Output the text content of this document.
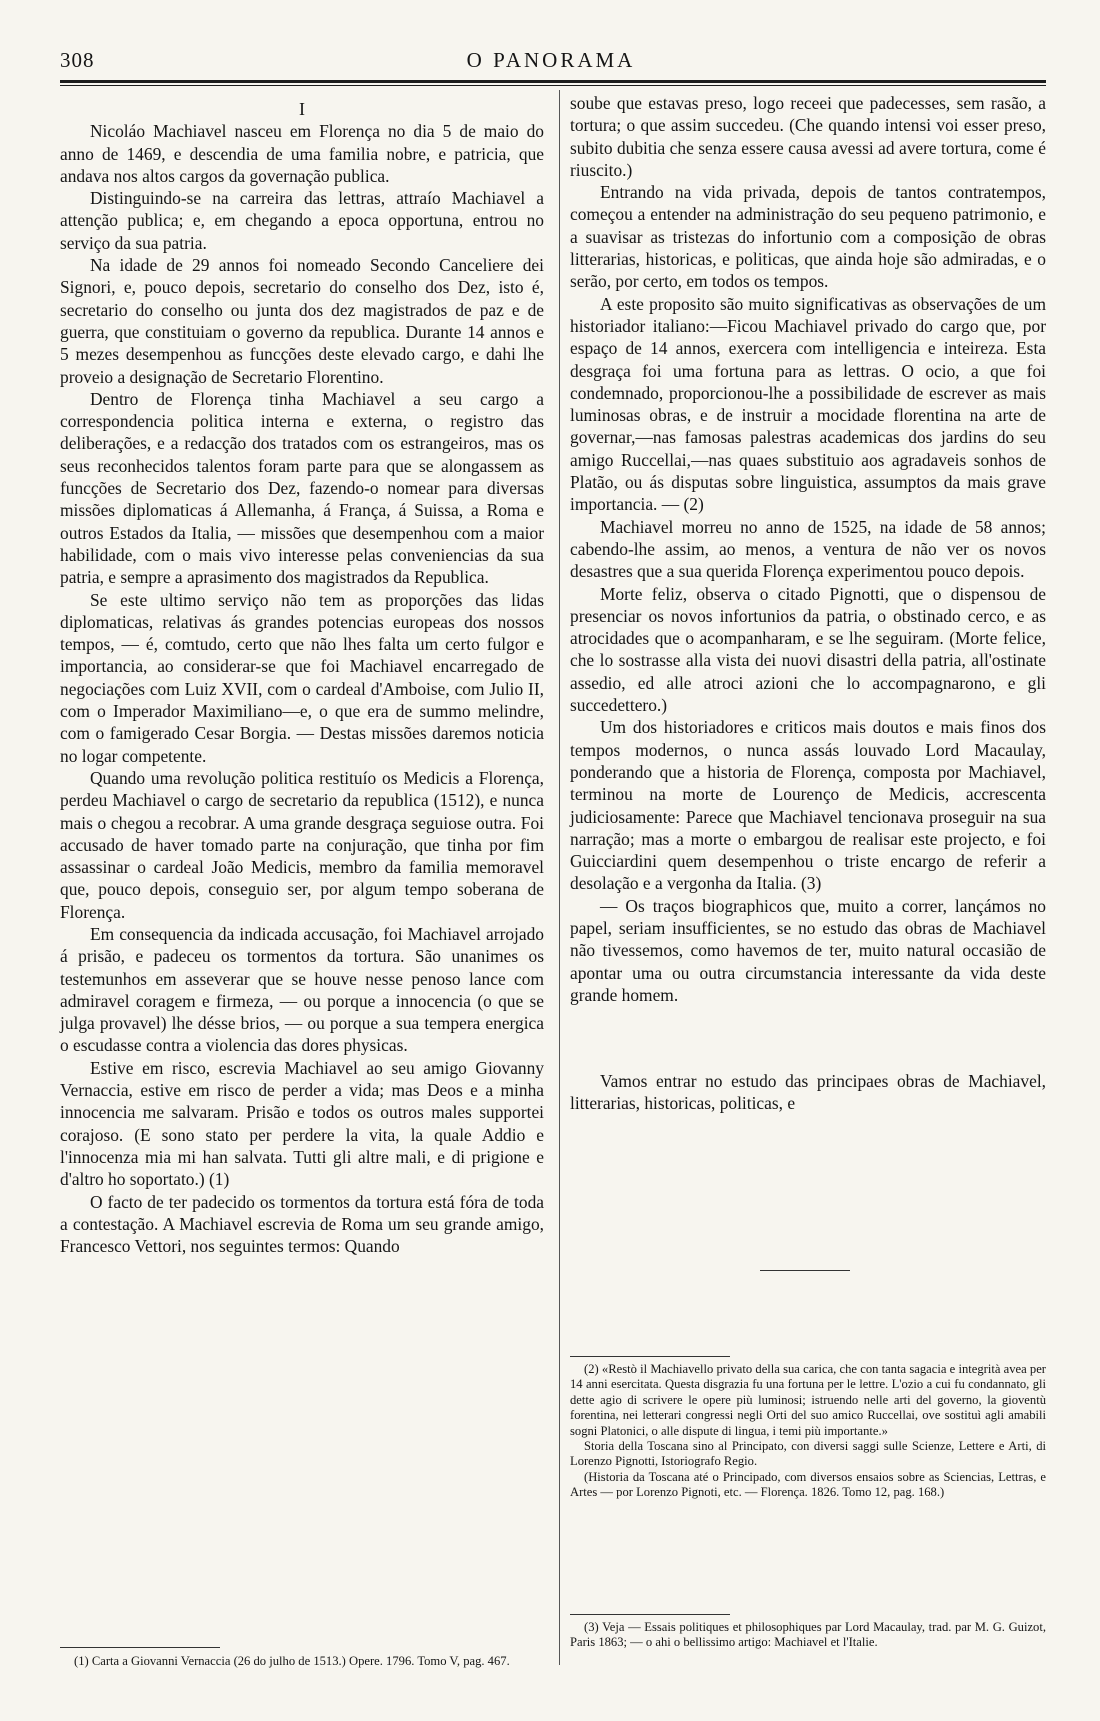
308	O PANORAMA
I

Nicoláo Machiavel nasceu em Florença no dia 5 de maio do anno de 1469, e descendia de uma familia nobre, e patricia, que andava nos altos cargos da governação publica.

Distinguindo-se na carreira das lettras, attraío Machiavel a attenção publica; e, em chegando a epoca opportuna, entrou no serviço da sua patria.

Na idade de 29 annos foi nomeado Secondo Canceliere dei Signori, e, pouco depois, secretario do conselho dos Dez, isto é, secretario do conselho ou junta dos dez magistrados de paz e de guerra, que constituiam o governo da republica. Durante 14 annos e 5 mezes desempenhou as funcções deste elevado cargo, e dahi lhe proveio a designação de Secretario Florentino.

Dentro de Florença tinha Machiavel a seu cargo a correspondencia politica interna e externa, o registro das deliberações, e a redacção dos tratados com os estrangeiros, mas os seus reconhecidos talentos foram parte para que se alongassem as funcções de Secretario dos Dez, fazendo-o nomear para diversas missões diplomaticas á Allemanha, á França, á Suissa, a Roma e outros Estados da Italia, — missões que desempenhou com a maior habilidade, com o mais vivo interesse pelas conveniencias da sua patria, e sempre a aprasimento dos magistrados da Republica.

Se este ultimo serviço não tem as proporções das lidas diplomaticas, relativas ás grandes potencias europeas dos nossos tempos, — é, comtudo, certo que não lhes falta um certo fulgor e importancia, ao considerar-se que foi Machiavel encarregado de negociações com Luiz XVII, com o cardeal d'Amboise, com Julio II, com o Imperador Maximiliano—e, o que era de summo melindre, com o famigerado Cesar Borgia. — Destas missões daremos noticia no logar competente.

Quando uma revolução politica restituío os Medicis a Florença, perdeu Machiavel o cargo de secretario da republica (1512), e nunca mais o chegou a recobrar. A uma grande desgraça seguiose outra. Foi accusado de haver tomado parte na conjuração, que tinha por fim assassinar o cardeal João Medicis, membro da familia memoravel que, pouco depois, conseguio ser, por algum tempo soberana de Florença.

Em consequencia da indicada accusação, foi Machiavel arrojado á prisão, e padeceu os tormentos da tortura. São unanimes os testemunhos em asseverar que se houve nesse penoso lance com admiravel coragem e firmeza, — ou porque a innocencia (o que se julga provavel) lhe désse brios, — ou porque a sua tempera energica o escudasse contra a violencia das dores physicas.

Estive em risco, escrevia Machiavel ao seu amigo Giovanny Vernaccia, estive em risco de perder a vida; mas Deos e a minha innocencia me salvaram. Prisão e todos os outros males supportei corajoso. (E sono stato per perdere la vita, la quale Addio e l'innocenza mia mi han salvata. Tutti gli altre mali, e di prigione e d'altro ho soportato.) (1)

O facto de ter padecido os tormentos da tortura está fóra de toda a contestação. A Machiavel escrevia de Roma um seu grande amigo, Francesco Vettori, nos seguintes termos: Quando

soube que estavas preso, logo receei que padecesses, sem rasão, a tortura; o que assim succedeu. (Che quando intensi voi esser preso, subito dubitia che senza essere causa avessi ad avere tortura, come é riuscito.)

Entrando na vida privada, depois de tantos contratempos, começou a entender na administração do seu pequeno patrimonio, e a suavisar as tristezas do infortunio com a composição de obras litterarias, historicas, e politicas, que ainda hoje são admiradas, e o serão, por certo, em todos os tempos.

A este proposito são muito significativas as observações de um historiador italiano:—Ficou Machiavel privado do cargo que, por espaço de 14 annos, exercera com intelligencia e inteireza. Esta desgraça foi uma fortuna para as lettras. O ocio, a que foi condemnado, proporcionou-lhe a possibilidade de escrever as mais luminosas obras, e de instruir a mocidade florentina na arte de governar,—nas famosas palestras academicas dos jardins do seu amigo Ruccellai,—nas quaes substituio aos agradaveis sonhos de Platão, ou ás disputas sobre linguistica, assumptos da mais grave importancia. — (2)

Machiavel morreu no anno de 1525, na idade de 58 annos; cabendo-lhe assim, ao menos, a ventura de não ver os novos desastres que a sua querida Florença experimentou pouco depois.

Morte feliz, observa o citado Pignotti, que o dispensou de presenciar os novos infortunios da patria, o obstinado cerco, e as atrocidades que o acompanharam, e se lhe seguiram. (Morte felice, che lo sostrasse alla vista dei nuovi disastri della patria, all'ostinate assedio, ed alle atroci azioni che lo accompagnarono, e gli succedettero.)

Um dos historiadores e criticos mais doutos e mais finos dos tempos modernos, o nunca assás louvado Lord Macaulay, ponderando que a historia de Florença, composta por Machiavel, terminou na morte de Lourenço de Medicis, accrescenta judiciosamente: Parece que Machiavel tencionava proseguir na sua narração; mas a morte o embargou de realisar este projecto, e foi Guicciardini quem desempenhou o triste encargo de referir a desolação e a vergonha da Italia. (3)

— Os traços biographicos que, muito a correr, lançámos no papel, seriam insufficientes, se no estudo das obras de Machiavel não tivessemos, como havemos de ter, muito natural occasião de apontar uma ou outra circumstancia interessante da vida deste grande homem.

Vamos entrar no estudo das principaes obras de Machiavel, litterarias, historicas, politicas, e

(2) «Restò il Machiavello privato della sua carica, che con tanta sagacia e integrità avea per 14 anni esercitata. Questa disgrazia fu una fortuna per le lettre. L'ozio a cui fu condannato, gli dette agio di scrivere le opere più luminosi; istruendo nelle arti del governo, la gioventù forentina, nei letterari congressi negli Orti del suo amico Ruccellai, ove sostituì agli amabili sogni Platonici, o alle dispute di lingua, i temi più importante.»

Storia della Toscana sino al Principato, con diversi saggi sulle Scienze, Lettere e Arti, di Lorenzo Pignotti, Istoriografo Regio.

(Historia da Toscana até o Principado, com diversos ensaios sobre as Sciencias, Lettras, e Artes — por Lorenzo Pignoti, etc. — Florença. 1826. Tomo 12, pag. 168.)

(3) Veja — Essais politiques et philosophiques par Lord Macaulay, trad. par M. G. Guizot, Paris 1863; — o ahi o bellissimo artigo: Machiavel et l'Italie.

(1) Carta a Giovanni Vernaccia (26 do julho de 1513.) Opere. 1796. Tomo V, pag. 467.
